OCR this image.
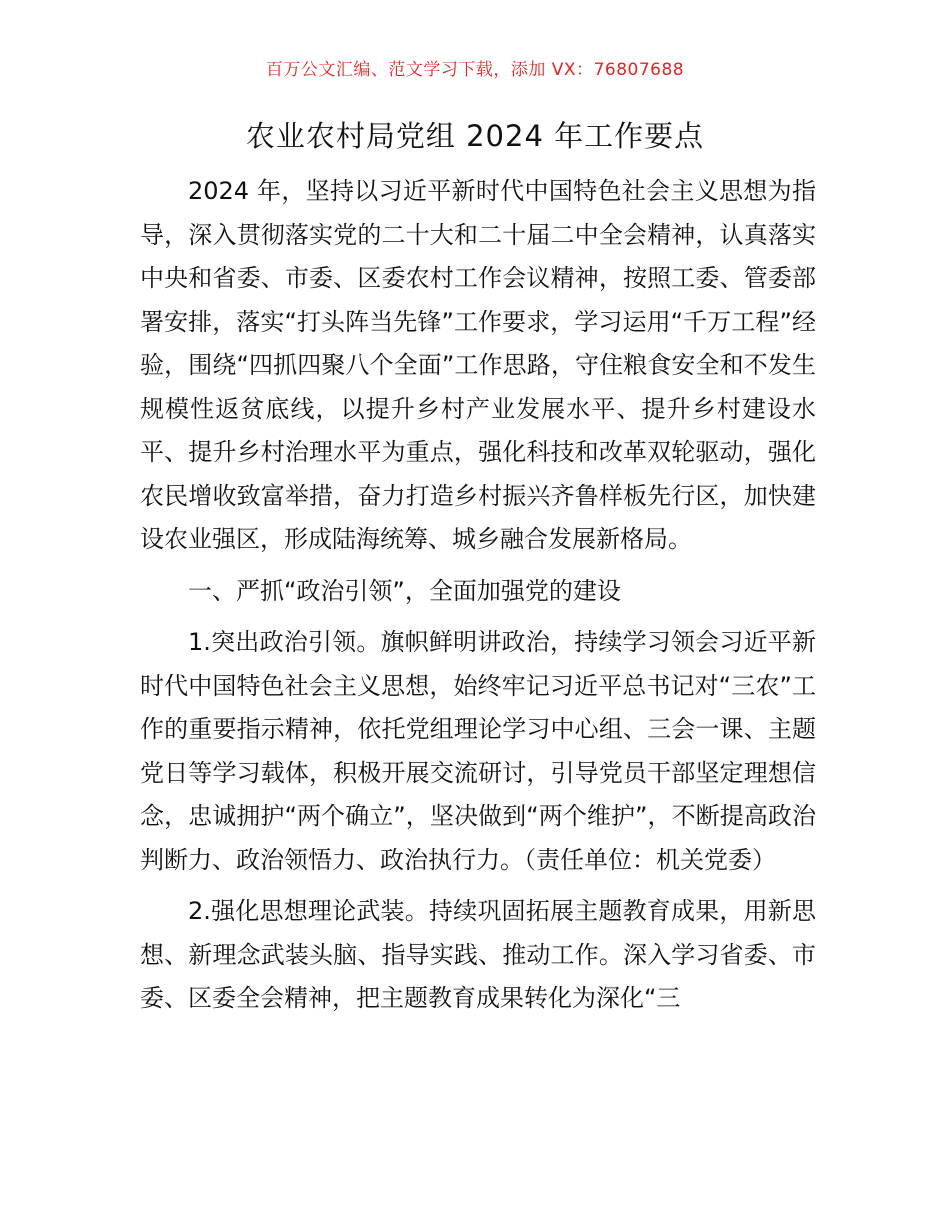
百万公文汇编、范文学习下载，添加 VX：76807688
农业农村局党组 2024 年工作要点

2024 年，坚持以习近平新时代中国特色社会主义思想为指导，深入贯彻落实党的二十大和二十届二中全会精神，认真落实中央和省委、市委、区委农村工作会议精神，按照工委、管委部署安排，落实“打头阵当先锋”工作要求，学习运用“千万工程”经验，围绕“四抓四聚八个全面”工作思路，守住粮食安全和不发生规模性返贫底线，以提升乡村产业发展水平、提升乡村建设水平、提升乡村治理水平为重点，强化科技和改革双轮驱动，强化农民增收致富举措，奋力打造乡村振兴齐鲁样板先行区，加快建设农业强区，形成陆海统筹、城乡融合发展新格局。

一、严抓“政治引领”，全面加强党的建设

1.突出政治引领。旗帜鲜明讲政治，持续学习领会习近平新时代中国特色社会主义思想，始终牢记习近平总书记对“三农”工作的重要指示精神，依托党组理论学习中心组、三会一课、主题党日等学习载体，积极开展交流研讨，引导党员干部坚定理想信念，忠诚拥护“两个确立”，坚决做到“两个维护”，不断提高政治判断力、政治领悟力、政治执行力。（责任单位：机关党委）

2.强化思想理论武装。持续巩固拓展主题教育成果，用新思想、新理念武装头脑、指导实践、推动工作。深入学习省委、市委、区委全会精神，把主题教育成果转化为深化“三
